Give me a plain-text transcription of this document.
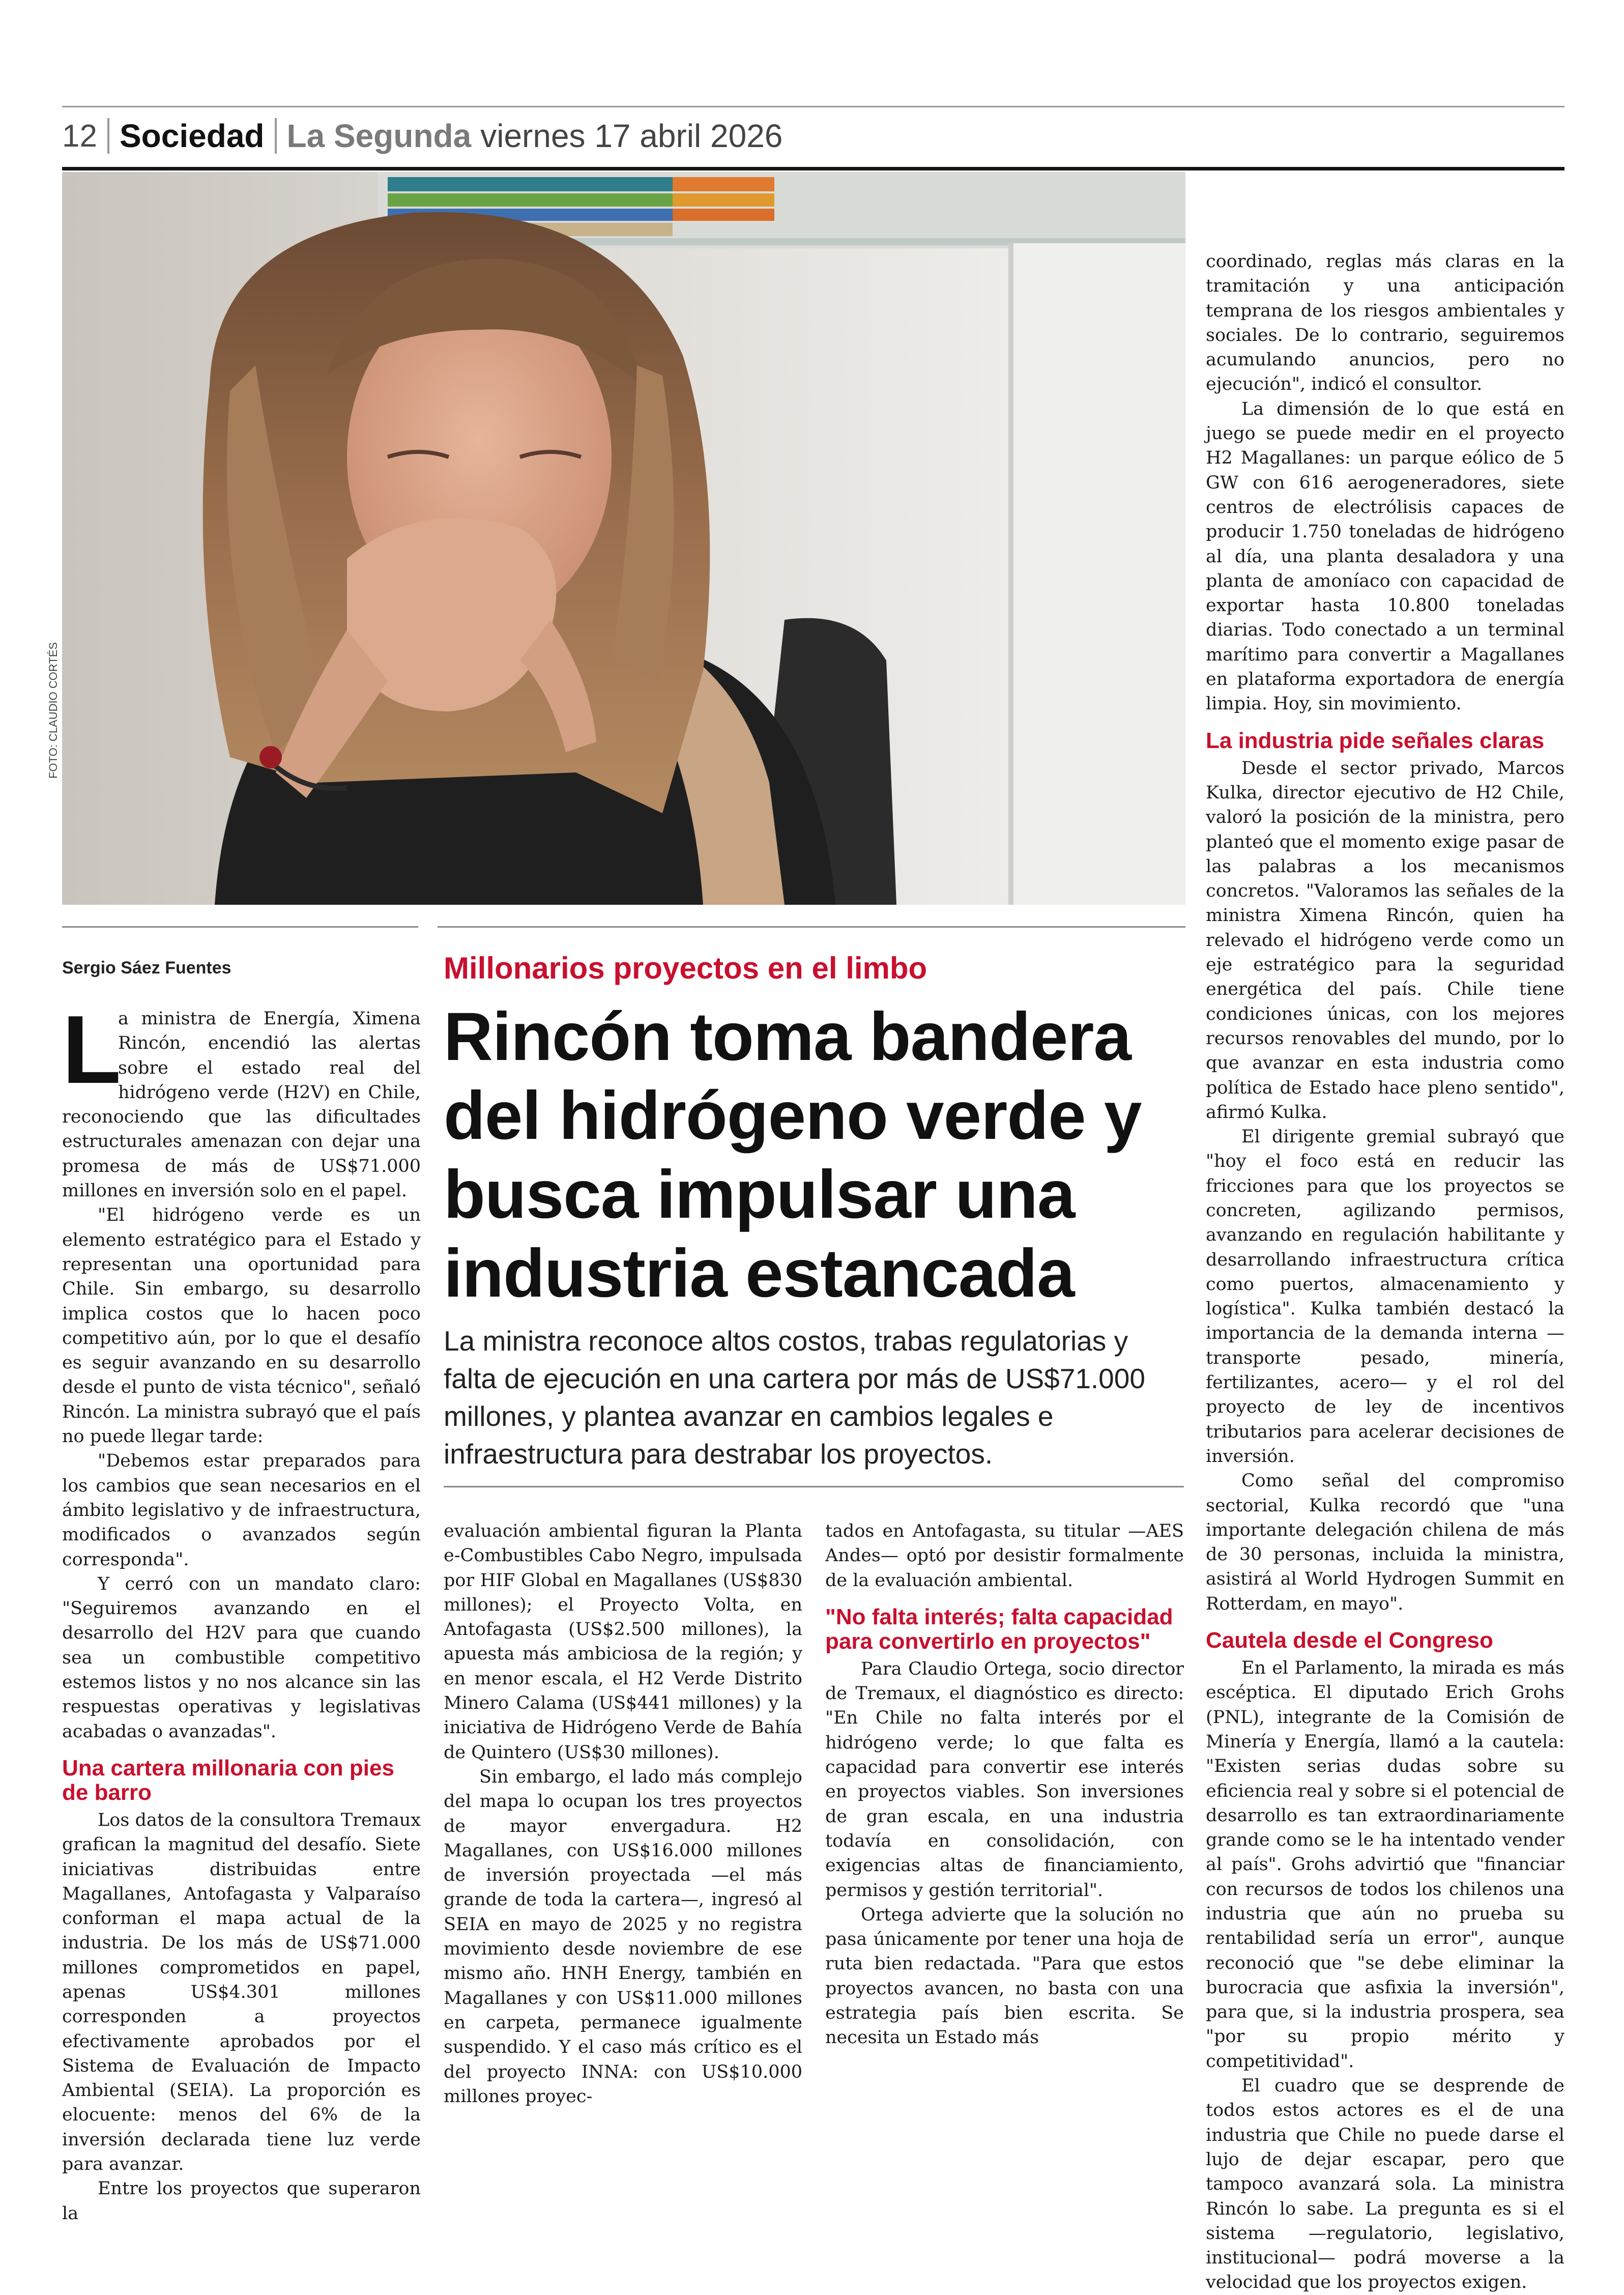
12 Sociedad La Segunda viernes 17 abril 2026
FOTO: CLAUDIO CORTÉS
Sergio Sáez Fuentes	Millonarios proyectos en el limbo
Rincón toma bandera del hidrógeno verde y busca impulsar una industria estancada
La ministra reconoce altos costos, trabas regulatorias y falta de ejecución en una cartera por más de US$71.000 millones, y plantea avanzar en cambios legales e infraestructura para destrabar los proyectos.

L
a ministra de Energía, Ximena Rincón, encendió las alertas sobre el estado real del hidrógeno verde (H2V) en Chile, reconociendo que las dificultades estructurales amenazan con dejar una promesa de más de US$71.000 millones en inversión solo en el papel.

"El hidrógeno verde es un elemento estratégico para el Estado y representan una oportunidad para Chile. Sin embargo, su desarrollo implica costos que lo hacen poco competitivo aún, por lo que el desafío es seguir avanzando en su desarrollo desde el punto de vista técnico", señaló Rincón. La ministra subrayó que el país no puede llegar tarde:

"Debemos estar preparados para los cambios que sean necesarios en el ámbito legislativo y de infraestructura, modificados o avanzados según corresponda".

Y cerró con un mandato claro: "Seguiremos avanzando en el desarrollo del H2V para que cuando sea un combustible competitivo estemos listos y no nos alcance sin las respuestas operativas y legislativas acabadas o avanzadas".

Una cartera millonaria con pies de barro

Los datos de la consultora Tremaux grafican la magnitud del desafío. Siete iniciativas distribuidas entre Magallanes, Antofagasta y Valparaíso conforman el mapa actual de la industria. De los más de US$71.000 millones comprometidos en papel, apenas US$4.301 millones corresponden a proyectos efectivamente aprobados por el Sistema de Evaluación de Impacto Ambiental (SEIA). La proporción es elocuente: menos del 6% de la inversión declarada tiene luz verde para avanzar.

Entre los proyectos que superaron la

evaluación ambiental figuran la Planta e-Combustibles Cabo Negro, impulsada por HIF Global en Magallanes (US$830 millones); el Proyecto Volta, en Antofagasta (US$2.500 millones), la apuesta más ambiciosa de la región; y en menor escala, el H2 Verde Distrito Minero Calama (US$441 millones) y la iniciativa de Hidrógeno Verde de Bahía de Quintero (US$30 millones).

Sin embargo, el lado más complejo del mapa lo ocupan los tres proyectos de mayor envergadura. H2 Magallanes, con US$16.000 millones de inversión proyectada —el más grande de toda la cartera—, ingresó al SEIA en mayo de 2025 y no registra movimiento desde noviembre de ese mismo año. HNH Energy, también en Magallanes y con US$11.000 millones en carpeta, permanece igualmente suspendido. Y el caso más crítico es el del proyecto INNA: con US$10.000 millones proyec-

tados en Antofagasta, su titular —AES Andes— optó por desistir formalmente de la evaluación ambiental.

"No falta interés; falta capacidad para convertirlo en proyectos"

Para Claudio Ortega, socio director de Tremaux, el diagnóstico es directo: "En Chile no falta interés por el hidrógeno verde; lo que falta es capacidad para convertir ese interés en proyectos viables. Son inversiones de gran escala, en una industria todavía en consolidación, con exigencias altas de financiamiento, permisos y gestión territorial".

Ortega advierte que la solución no pasa únicamente por tener una hoja de ruta bien redactada. "Para que estos proyectos avancen, no basta con una estrategia país bien escrita. Se necesita un Estado más

coordinado, reglas más claras en la tramitación y una anticipación temprana de los riesgos ambientales y sociales. De lo contrario, seguiremos acumulando anuncios, pero no ejecución", indicó el consultor.

La dimensión de lo que está en juego se puede medir en el proyecto H2 Magallanes: un parque eólico de 5 GW con 616 aerogeneradores, siete centros de electrólisis capaces de producir 1.750 toneladas de hidrógeno al día, una planta desaladora y una planta de amoníaco con capacidad de exportar hasta 10.800 toneladas diarias. Todo conectado a un terminal marítimo para convertir a Magallanes en plataforma exportadora de energía limpia. Hoy, sin movimiento.

La industria pide señales claras

Desde el sector privado, Marcos Kulka, director ejecutivo de H2 Chile, valoró la posición de la ministra, pero planteó que el momento exige pasar de las palabras a los mecanismos concretos. "Valoramos las señales de la ministra Ximena Rincón, quien ha relevado el hidrógeno verde como un eje estratégico para la seguridad energética del país. Chile tiene condiciones únicas, con los mejores recursos renovables del mundo, por lo que avanzar en esta industria como política de Estado hace pleno sentido", afirmó Kulka.

El dirigente gremial subrayó que "hoy el foco está en reducir las fricciones para que los proyectos se concreten, agilizando permisos, avanzando en regulación habilitante y desarrollando infraestructura crítica como puertos, almacenamiento y logística". Kulka también destacó la importancia de la demanda interna —transporte pesado, minería, fertilizantes, acero— y el rol del proyecto de ley de incentivos tributarios para acelerar decisiones de inversión.

Como señal del compromiso sectorial, Kulka recordó que "una importante delegación chilena de más de 30 personas, incluida la ministra, asistirá al World Hydrogen Summit en Rotterdam, en mayo".

Cautela desde el Congreso

En el Parlamento, la mirada es más escéptica. El diputado Erich Grohs (PNL), integrante de la Comisión de Minería y Energía, llamó a la cautela: "Existen serias dudas sobre su eficiencia real y sobre si el potencial de desarrollo es tan extraordinariamente grande como se le ha intentado vender al país". Grohs advirtió que "financiar con recursos de todos los chilenos una industria que aún no prueba su rentabilidad sería un error", aunque reconoció que "se debe eliminar la burocracia que asfixia la inversión", para que, si la industria prospera, sea "por su propio mérito y competitividad".

El cuadro que se desprende de todos estos actores es el de una industria que Chile no puede darse el lujo de dejar escapar, pero que tampoco avanzará sola. La ministra Rincón lo sabe. La pregunta es si el sistema —regulatorio, legislativo, institucional— podrá moverse a la velocidad que los proyectos exigen.
